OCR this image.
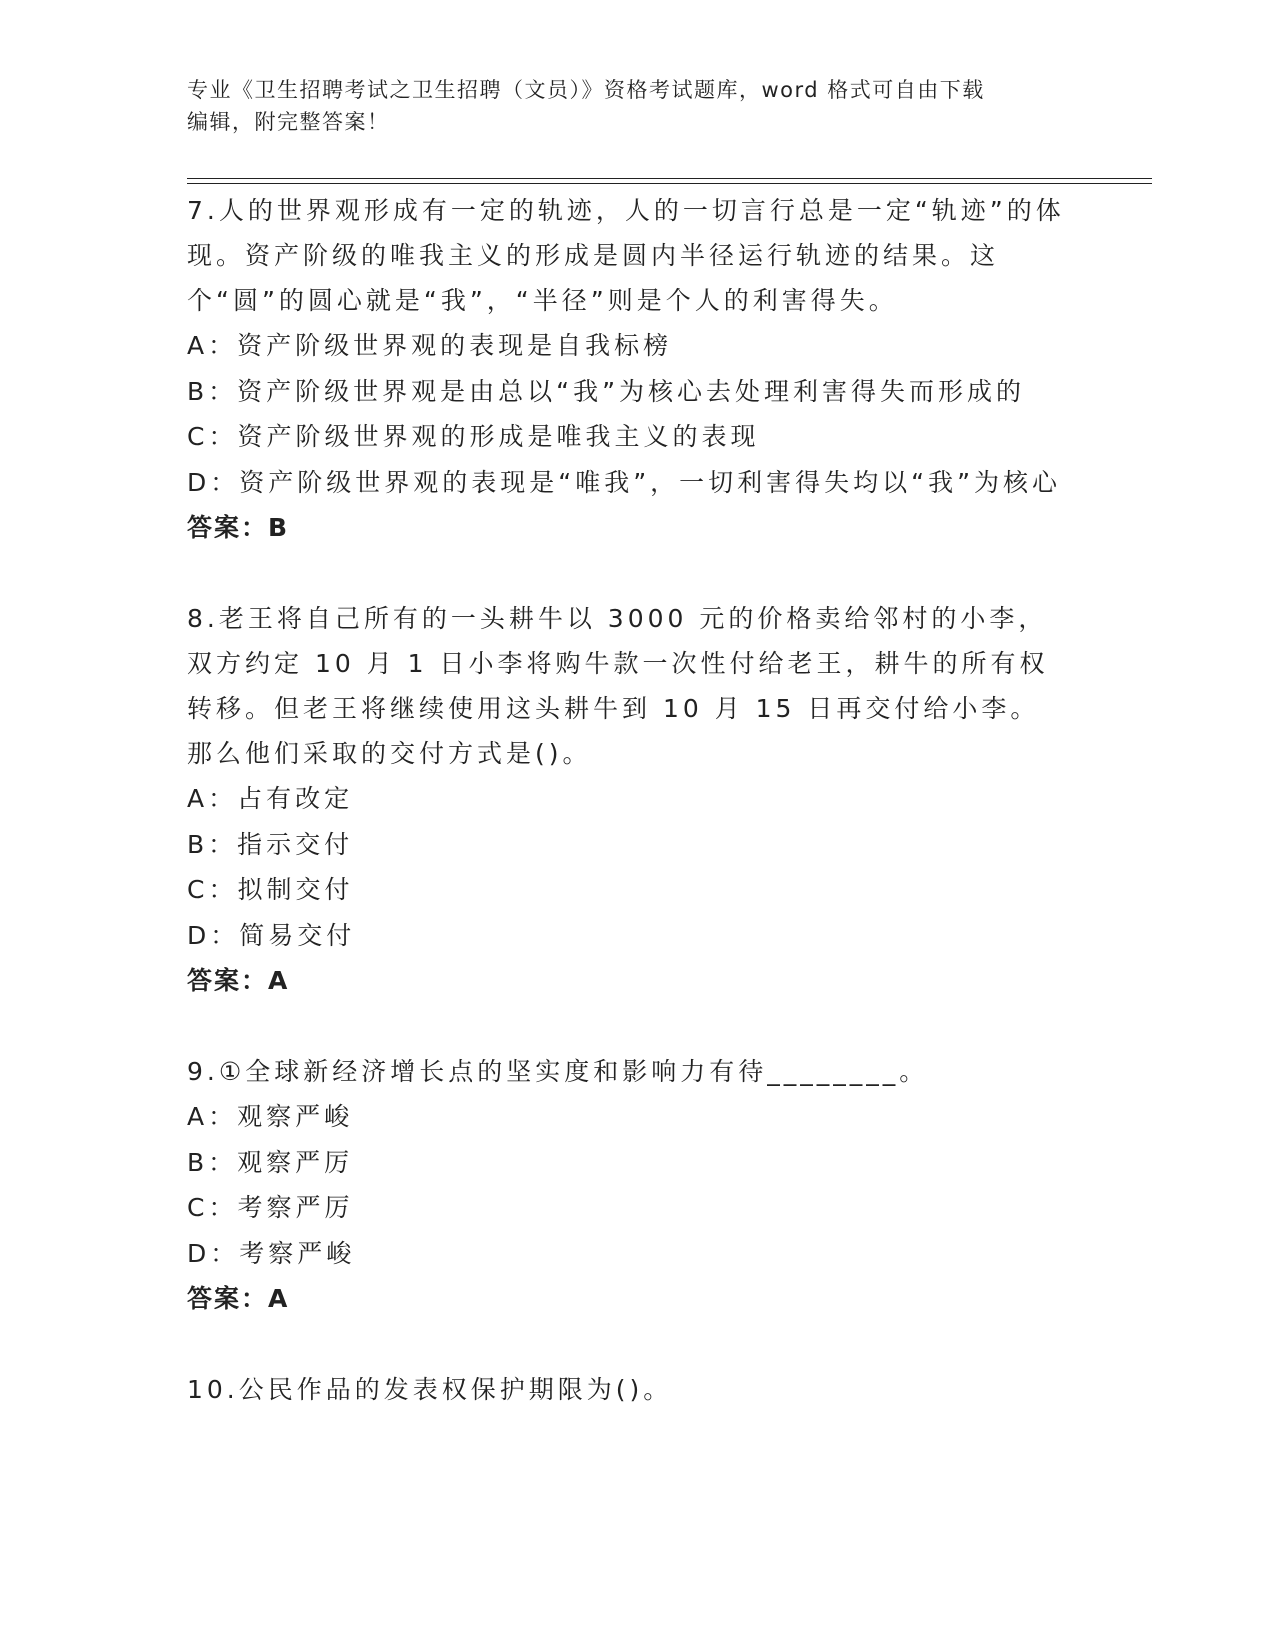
专业《卫生招聘考试之卫生招聘（文员）》资格考试题库，word 格式可自由下载
编辑，附完整答案！
7.人的世界观形成有一定的轨迹，人的一切言行总是一定“轨迹”的体现。资产阶级的唯我主义的形成是圆内半径运行轨迹的结果。这个“圆”的圆心就是“我”，“半径”则是个人的利害得失。
A：资产阶级世界观的表现是自我标榜
B：资产阶级世界观是由总以“我”为核心去处理利害得失而形成的
C：资产阶级世界观的形成是唯我主义的表现
D：资产阶级世界观的表现是“唯我”，一切利害得失均以“我”为核心
答案：B
8.老王将自己所有的一头耕牛以 3000 元的价格卖给邻村的小李，双方约定 10 月 1 日小李将购牛款一次性付给老王，耕牛的所有权转移。但老王将继续使用这头耕牛到 10 月 15 日再交付给小李。那么他们采取的交付方式是()。
A：占有改定
B：指示交付
C：拟制交付
D：简易交付
答案：A
9.①全球新经济增长点的坚实度和影响力有待________。
A：观察严峻
B：观察严厉
C：考察严厉
D：考察严峻
答案：A
10.公民作品的发表权保护期限为()。
